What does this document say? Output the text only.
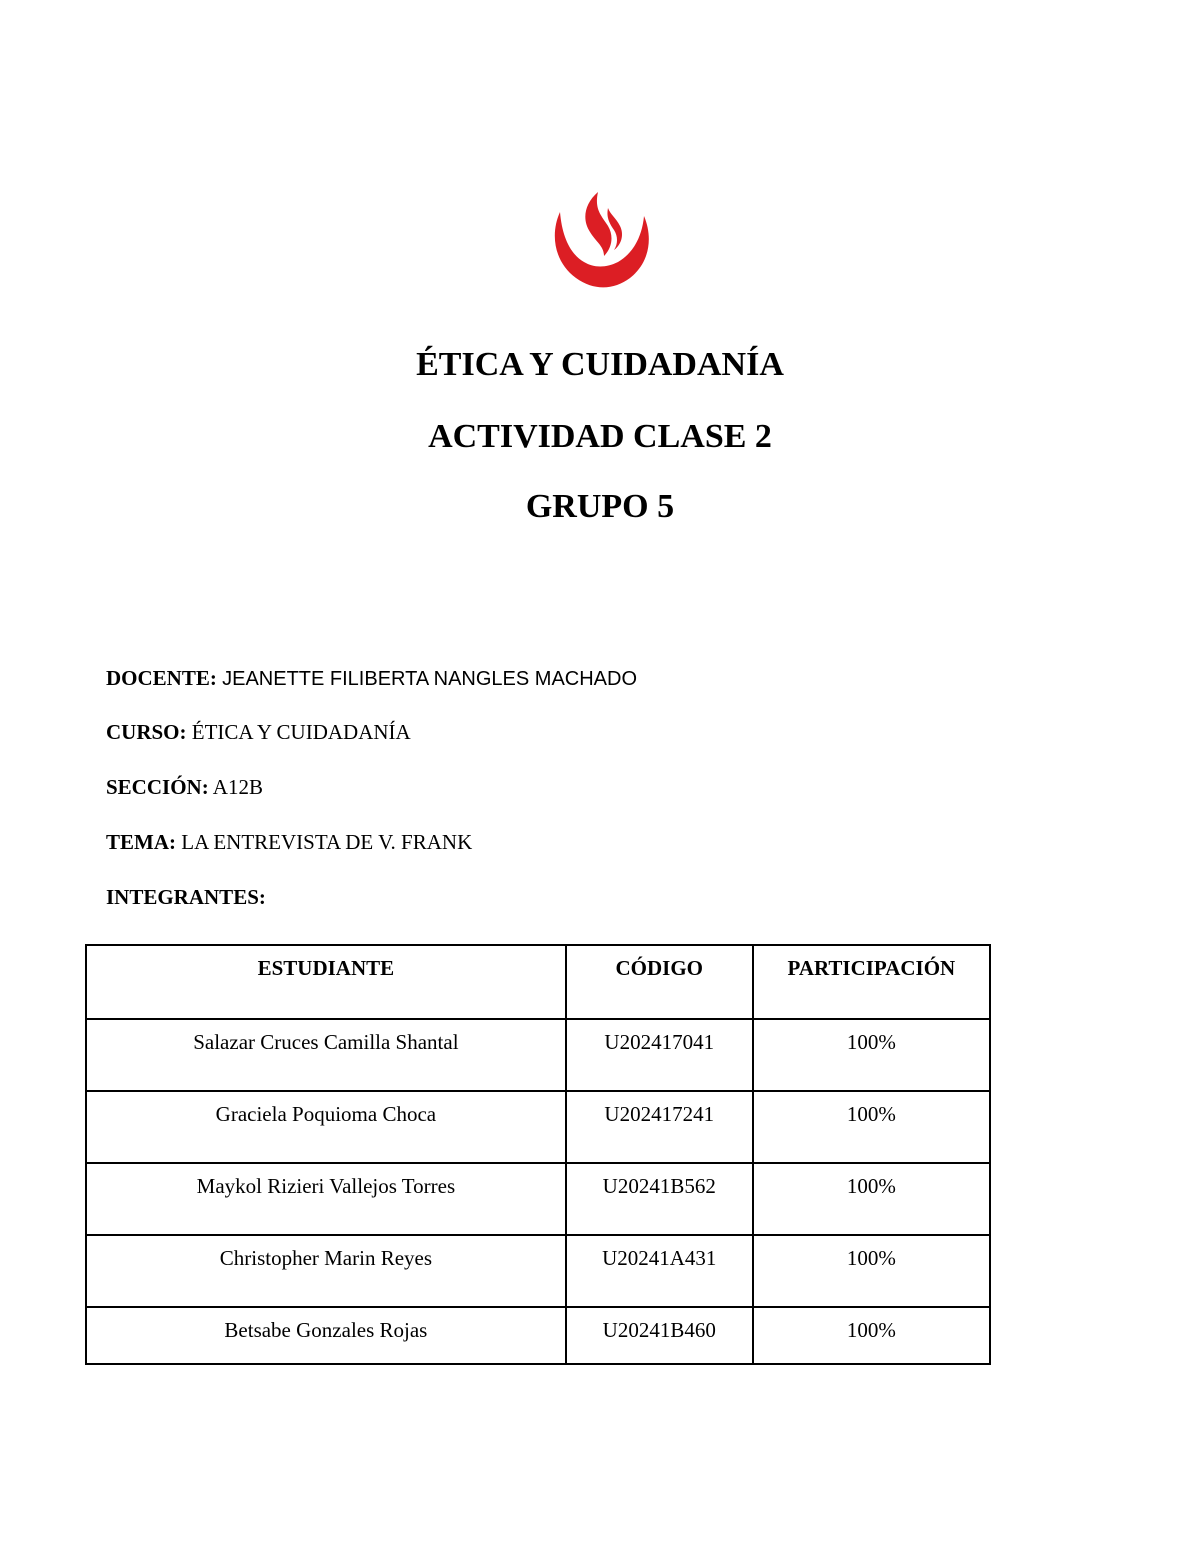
ÉTICA Y CUIDADANÍA
ACTIVIDAD CLASE 2
GRUPO 5

DOCENTE: JEANETTE FILIBERTA NANGLES MACHADO

CURSO: ÉTICA Y CUIDADANÍA

SECCIÓN: A12B

TEMA: LA ENTREVISTA DE V. FRANK

INTEGRANTES:

ESTUDIANTE	CÓDIGO	PARTICIPACIÓN
Salazar Cruces Camilla Shantal	U202417041	100%
Graciela Poquioma Choca	U202417241	100%
Maykol Rizieri Vallejos Torres	U20241B562	100%
Christopher Marin Reyes	U20241A431	100%
Betsabe Gonzales Rojas	U20241B460	100%
